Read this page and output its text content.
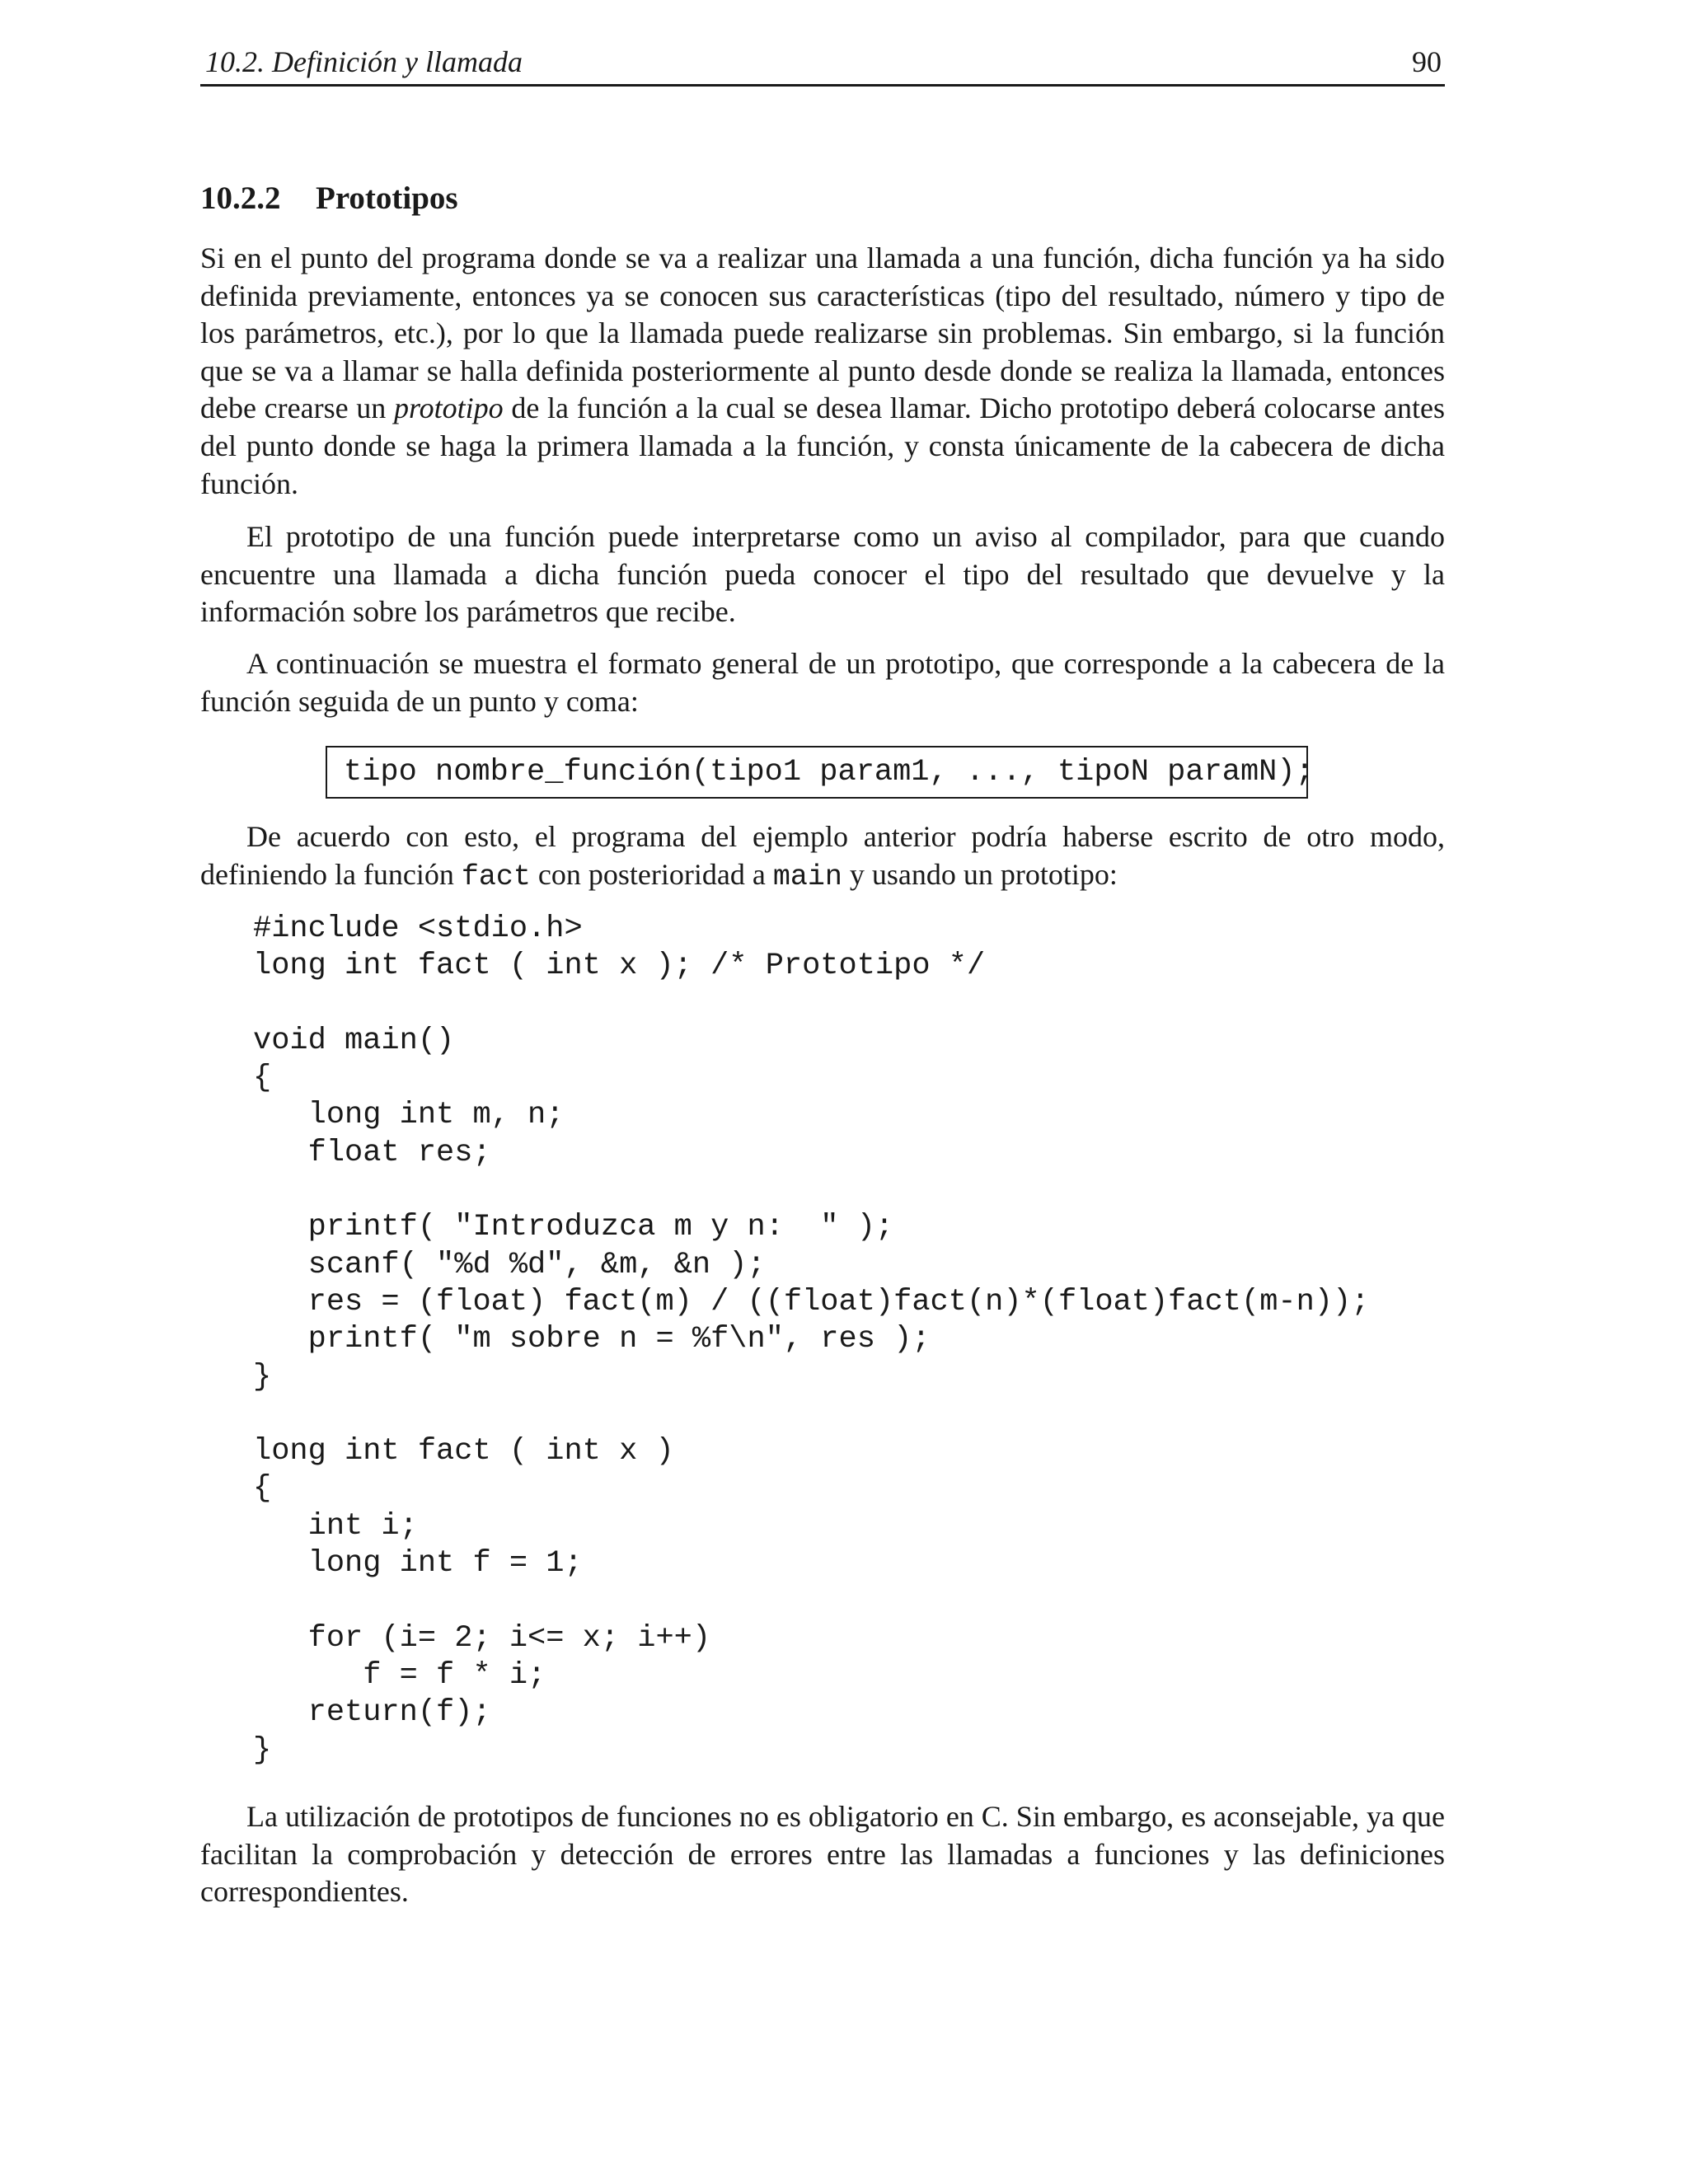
10.2. Definición y llamada	90
10.2.2 Prototipos

Si en el punto del programa donde se va a realizar una llamada a una función, dicha función ya ha sido definida previamente, entonces ya se conocen sus características (tipo del resultado, número y tipo de los parámetros, etc.), por lo que la llamada puede realizarse sin problemas. Sin embargo, si la función que se va a llamar se halla definida posteriormente al punto desde donde se realiza la llamada, entonces debe crearse un prototipo de la función a la cual se desea llamar. Dicho prototipo deberá colocarse antes del punto donde se haga la primera llamada a la función, y consta únicamente de la cabecera de dicha función.

El prototipo de una función puede interpretarse como un aviso al compilador, para que cuando encuentre una llamada a dicha función pueda conocer el tipo del resultado que devuelve y la información sobre los parámetros que recibe.

A continuación se muestra el formato general de un prototipo, que corresponde a la cabecera de la función seguida de un punto y coma:

tipo nombre_función(tipo1 param1, ..., tipoN paramN);

De acuerdo con esto, el programa del ejemplo anterior podría haberse escrito de otro modo, definiendo la función fact con posterioridad a main y usando un prototipo:

#include <stdio.h>
long int fact ( int x ); /* Prototipo */
void main()
{
long int m, n;
float res;
printf( "Introduzca m y n:  " );
scanf( "%d %d", &m, &n );
res = (float) fact(m) / ((float)fact(n)*(float)fact(m-n));
printf( "m sobre n = %f\n", res );
}
long int fact ( int x )
{
int i;
long int f = 1;
for (i= 2; i<= x; i++)
f = f * i;
return(f);
}

La utilización de prototipos de funciones no es obligatorio en C. Sin embargo, es aconsejable, ya que facilitan la comprobación y detección de errores entre las llamadas a funciones y las definiciones correspondientes.
